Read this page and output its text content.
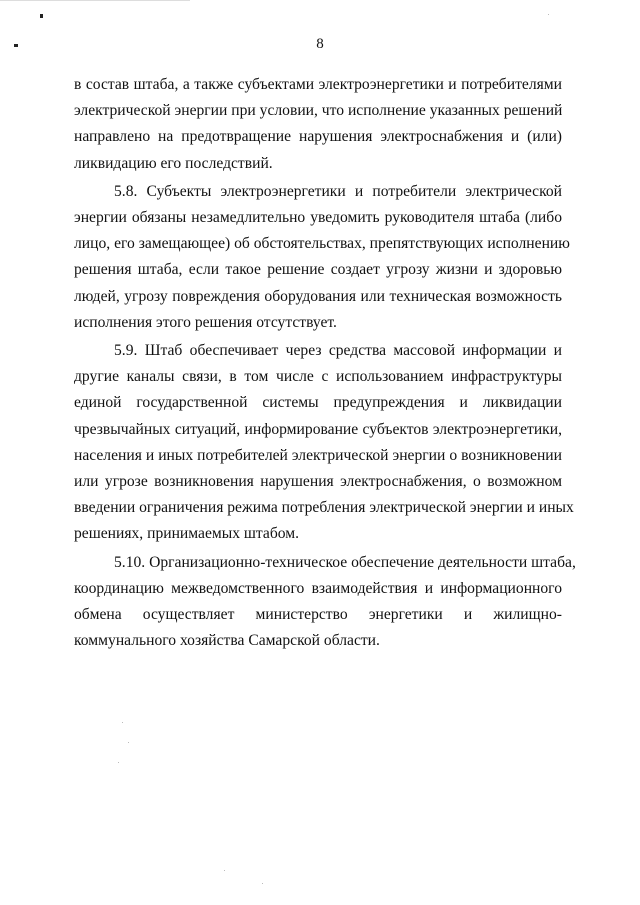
8
в состав штаба, а также субъектами электроэнергетики и потребителями
электрической энергии при условии, что исполнение указанных решений
направлено на предотвращение нарушения электроснабжения и (или)
ликвидацию его последствий.
5.8. Субъекты электроэнергетики и потребители электрической
энергии обязаны незамедлительно уведомить руководителя штаба (либо
лицо, его замещающее) об обстоятельствах, препятствующих исполнению
решения штаба, если такое решение создает угрозу жизни и здоровью
людей, угрозу повреждения оборудования или техническая возможность
исполнения этого решения отсутствует.
5.9. Штаб обеспечивает через средства массовой информации и
другие каналы связи, в том числе с использованием инфраструктуры
единой государственной системы предупреждения и ликвидации
чрезвычайных ситуаций, информирование субъектов электроэнергетики,
населения и иных потребителей электрической энергии о возникновении
или угрозе возникновения нарушения электроснабжения, о возможном
введении ограничения режима потребления электрической энергии и иных
решениях, принимаемых штабом.
5.10. Организационно-техническое обеспечение деятельности штаба,
координацию межведомственного взаимодействия и информационного
обмена осуществляет министерство энергетики и жилищно-
коммунального хозяйства Самарской области.
